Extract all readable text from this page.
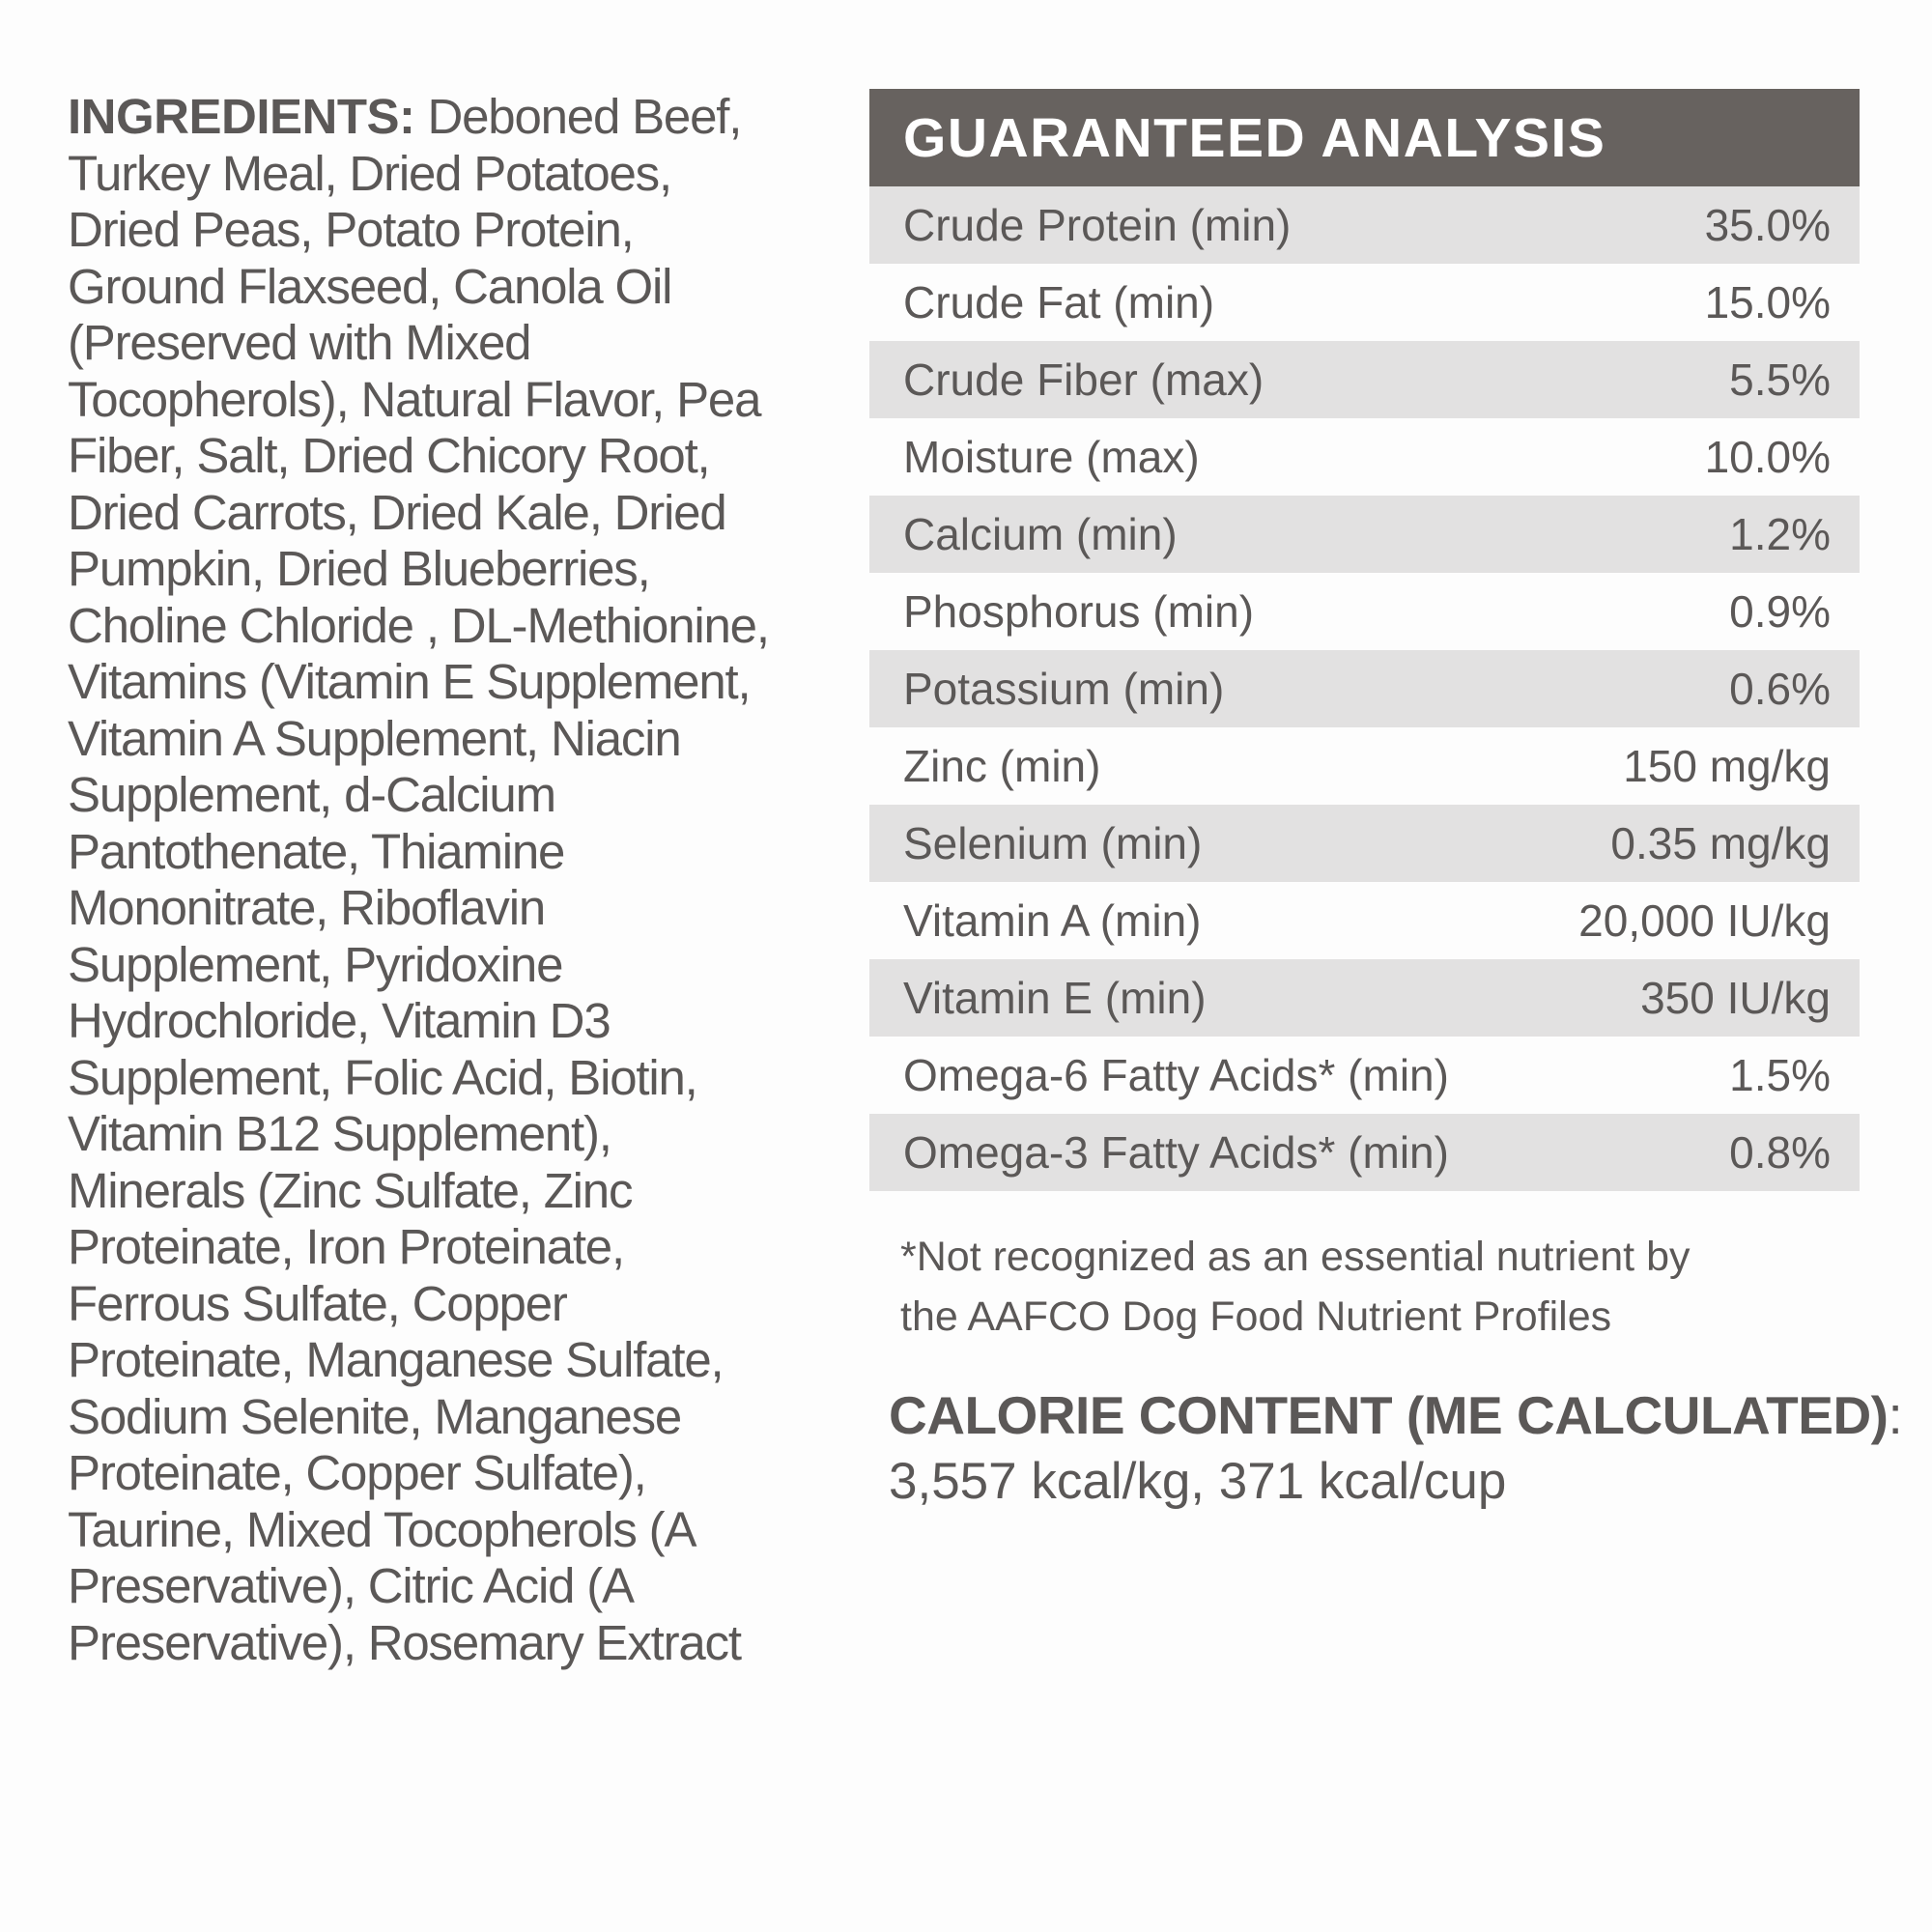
INGREDIENTS: Deboned Beef, Turkey Meal, Dried Potatoes, Dried Peas, Potato Protein, Ground Flaxseed, Canola Oil (Preserved with Mixed Tocopherols), Natural Flavor, Pea Fiber, Salt, Dried Chicory Root, Dried Carrots, Dried Kale, Dried Pumpkin, Dried Blueberries, Choline Chloride , DL-Methionine, Vitamins (Vitamin E Supplement, Vitamin A Supplement, Niacin Supplement, d-Calcium Pantothenate, Thiamine Mononitrate, Riboflavin Supplement, Pyridoxine Hydrochloride, Vitamin D3 Supplement, Folic Acid, Biotin, Vitamin B12 Supplement), Minerals (Zinc Sulfate, Zinc Proteinate, Iron Proteinate, Ferrous Sulfate, Copper Proteinate, Manganese Sulfate, Sodium Selenite, Manganese Proteinate, Copper Sulfate), Taurine, Mixed Tocopherols (A Preservative), Citric Acid (A Preservative), Rosemary Extract
GUARANTEED ANALYSIS
Crude Protein (min)	35.0%
Crude Fat (min)	15.0%
Crude Fiber (max)	5.5%
Moisture (max)	10.0%
Calcium (min)	1.2%
Phosphorus (min)	0.9%
Potassium (min)	0.6%
Zinc (min)	150 mg/kg
Selenium (min)	0.35 mg/kg
Vitamin A (min)	20,000 IU/kg
Vitamin E (min)	350 IU/kg
Omega-6 Fatty Acids* (min)	1.5%
Omega-3 Fatty Acids* (min)	0.8%
*Not recognized as an essential nutrient by
the AAFCO Dog Food Nutrient Profiles
CALORIE CONTENT (ME CALCULATED):
3,557 kcal/kg, 371 kcal/cup
